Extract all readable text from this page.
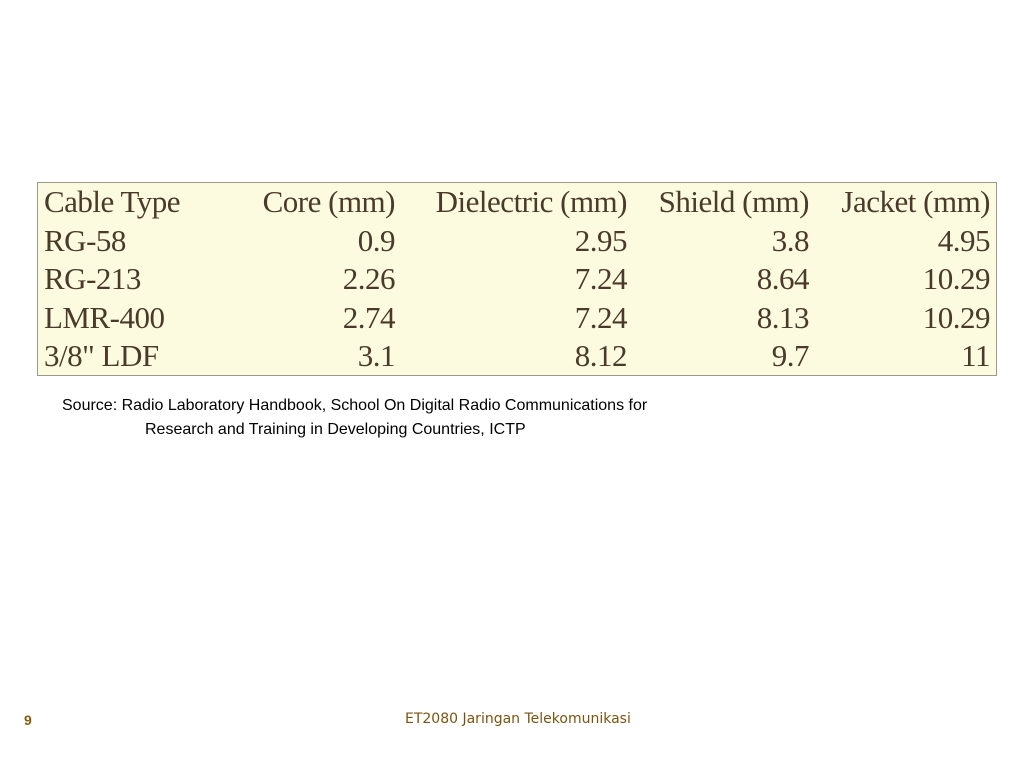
Cable Type	Core (mm)	Dielectric (mm)	Shield (mm)	Jacket (mm)
RG-58	0.9	2.95	3.8	4.95
RG-213	2.26	7.24	8.64	10.29
LMR-400	2.74	7.24	8.13	10.29
3/8" LDF	3.1	8.12	9.7	11
Source: Radio Laboratory Handbook, School On Digital Radio Communications for
Research and Training in Developing Countries, ICTP
9	ET2080 Jaringan Telekomunikasi
